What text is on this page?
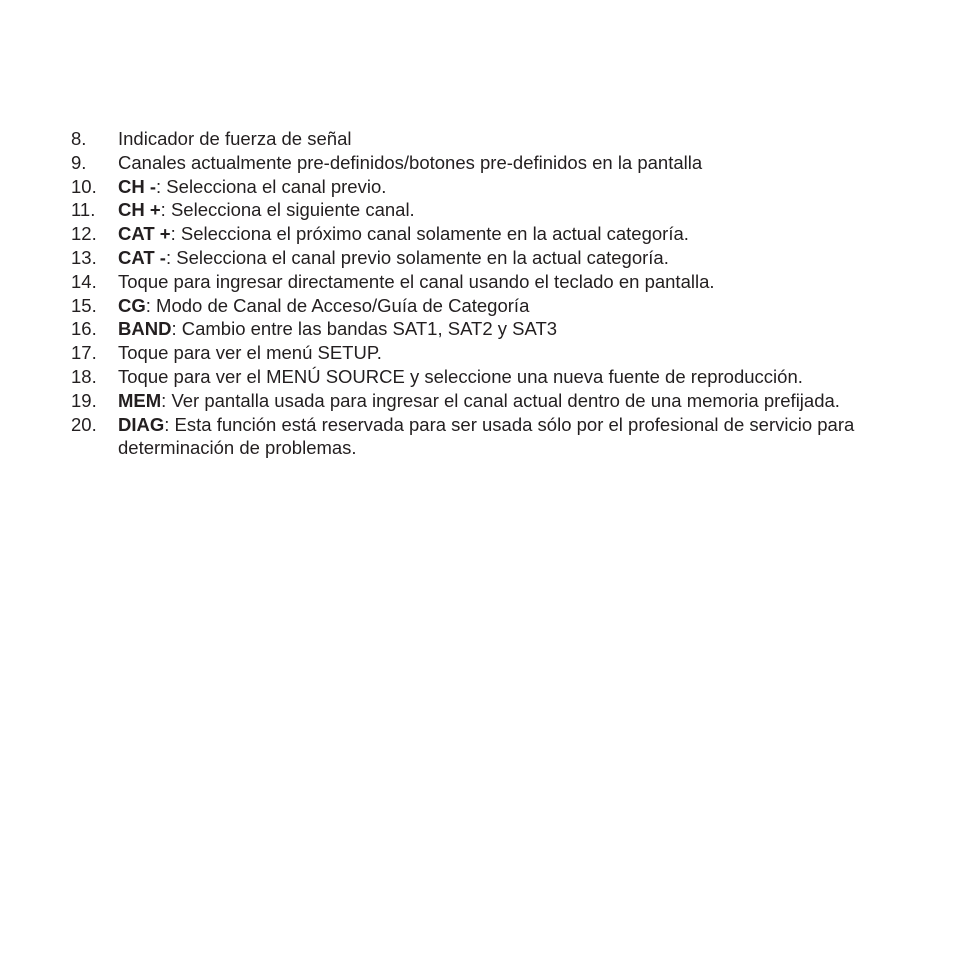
8.	Indicador de fuerza de señal
9.	Canales actualmente pre-definidos/botones pre-definidos en la pantalla
10.	CH -: Selecciona el canal previo.
11.	CH +: Selecciona el siguiente canal.
12.	CAT +: Selecciona el próximo canal solamente en la actual categoría.
13.	CAT -: Selecciona el canal previo solamente en la actual categoría.
14.	Toque para ingresar directamente el canal usando el teclado en pantalla.
15.	CG: Modo de Canal de Acceso/Guía de Categoría
16.	BAND: Cambio entre las bandas SAT1, SAT2 y SAT3
17.	Toque para ver el menú SETUP.
18.	Toque para ver el MENÚ SOURCE y seleccione una nueva fuente de reproducción.
19.	MEM: Ver pantalla usada para ingresar el canal actual dentro de una memoria prefijada.
20.	DIAG: Esta función está reservada para ser usada sólo por el profesional de servicio para determinación de problemas.
